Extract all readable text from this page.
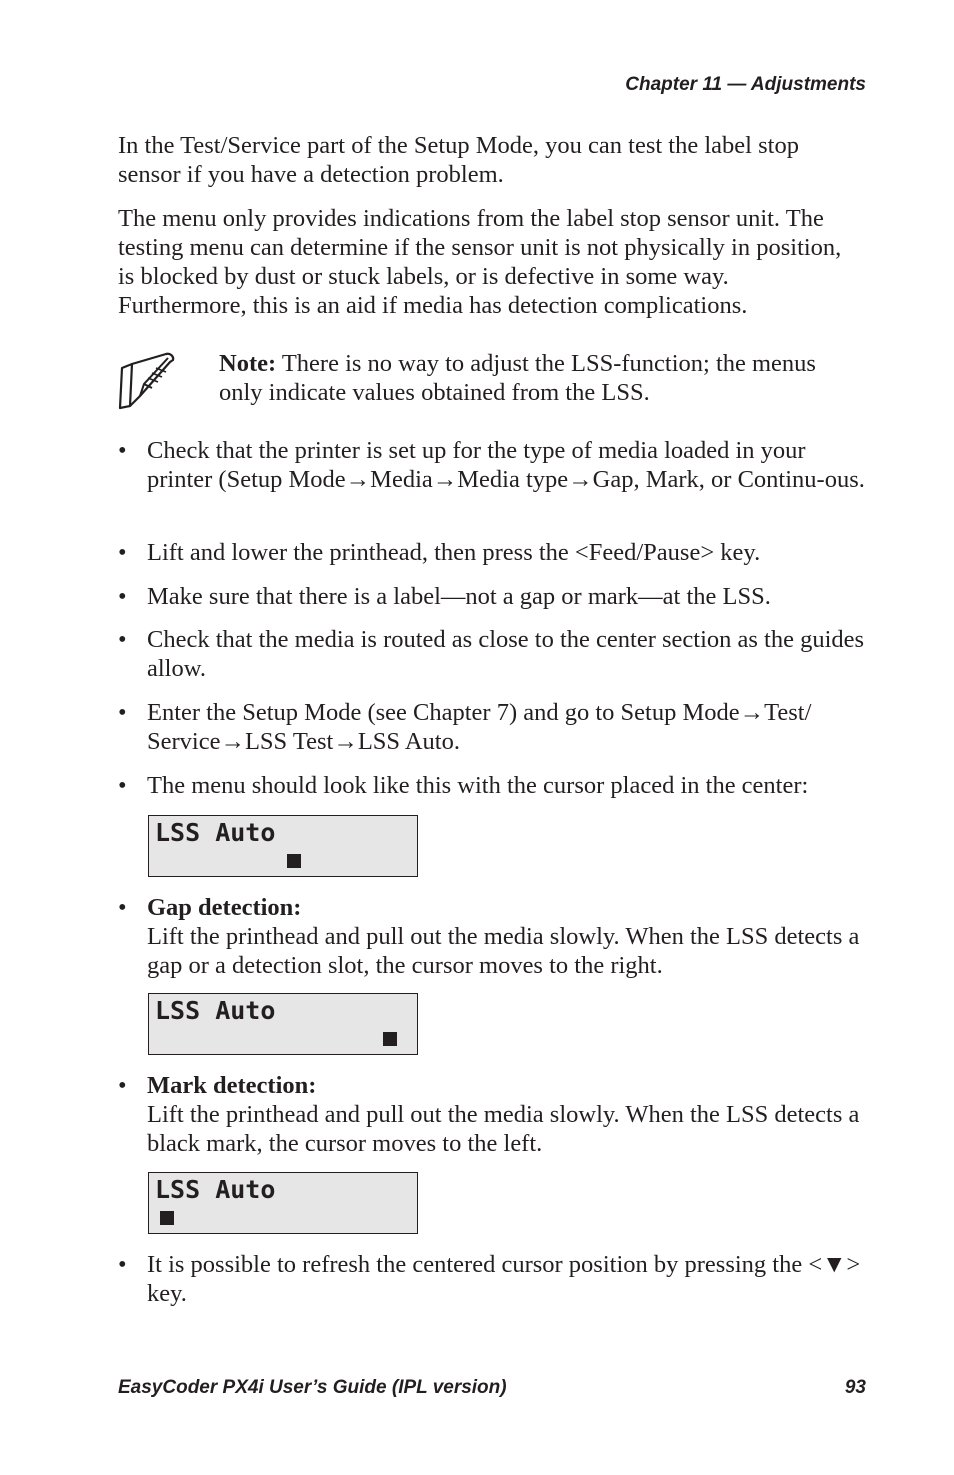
Chapter 11 — Adjustments

In the Test/Service part of the Setup Mode, you can test the label stop sensor if you have a detection problem.

The menu only provides indications from the label stop sensor unit. The testing menu can determine if the sensor unit is not physically in position, is blocked by dust or stuck labels, or is defective in some way. Furthermore, this is an aid if media has detection complications.

Note: There is no way to adjust the LSS-function; the menus only indicate values obtained from the LSS.

• Check that the printer is set up for the type of media loaded in your printer (Setup Mode→Media→Media type→Gap, Mark, or Continu-ous.
• Lift and lower the printhead, then press the <Feed/Pause> key.
• Make sure that there is a label—not a gap or mark—at the LSS.
• Check that the media is routed as close to the center section as the guides allow.
• Enter the Setup Mode (see Chapter 7) and go to Setup Mode→Test/ Service→LSS Test→LSS Auto.
• The menu should look like this with the cursor placed in the center:
LSS Auto
• Gap detection:
Lift the printhead and pull out the media slowly. When the LSS detects a gap or a detection slot, the cursor moves to the right.
LSS Auto
• Mark detection:
Lift the printhead and pull out the media slowly. When the LSS detects a black mark, the cursor moves to the left.
LSS Auto
• It is possible to refresh the centered cursor position by pressing the <▼> key.
EasyCoder PX4i User’s Guide (IPL version)	93
